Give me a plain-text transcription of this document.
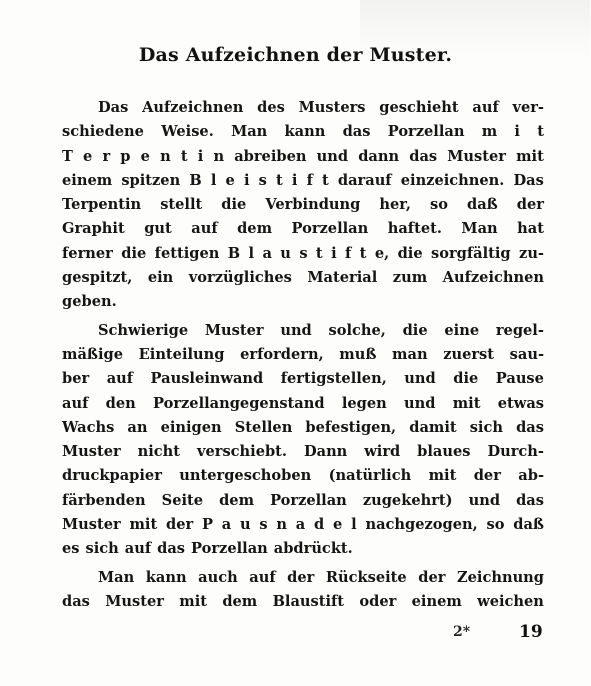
Das Aufzeichnen der Muster.
Das Aufzeichnen des Musters geschieht auf ver-
schiedene Weise. Man kann das Porzellan m i t
T e r p e n t i n abreiben und dann das Muster mit
einem spitzen B l e i s t i f t darauf einzeichnen. Das
Terpentin stellt die Verbindung her, so daß der
Graphit gut auf dem Porzellan haftet. Man hat
ferner die fettigen B l a u s t i f t e, die sorgfältig zu-
gespitzt, ein vorzügliches Material zum Aufzeichnen
geben.
Schwierige Muster und solche, die eine regel-
mäßige Einteilung erfordern, muß man zuerst sau-
ber auf Pausleinwand fertigstellen, und die Pause
auf den Porzellangegenstand legen und mit etwas
Wachs an einigen Stellen befestigen, damit sich das
Muster nicht verschiebt. Dann wird blaues Durch-
druckpapier untergeschoben (natürlich mit der ab-
färbenden Seite dem Porzellan zugekehrt) und das
Muster mit der P a u s n a d e l nachgezogen, so daß
es sich auf das Porzellan abdrückt.
Man kann auch auf der Rückseite der Zeichnung
das Muster mit dem Blaustift oder einem weichen
2*	19
